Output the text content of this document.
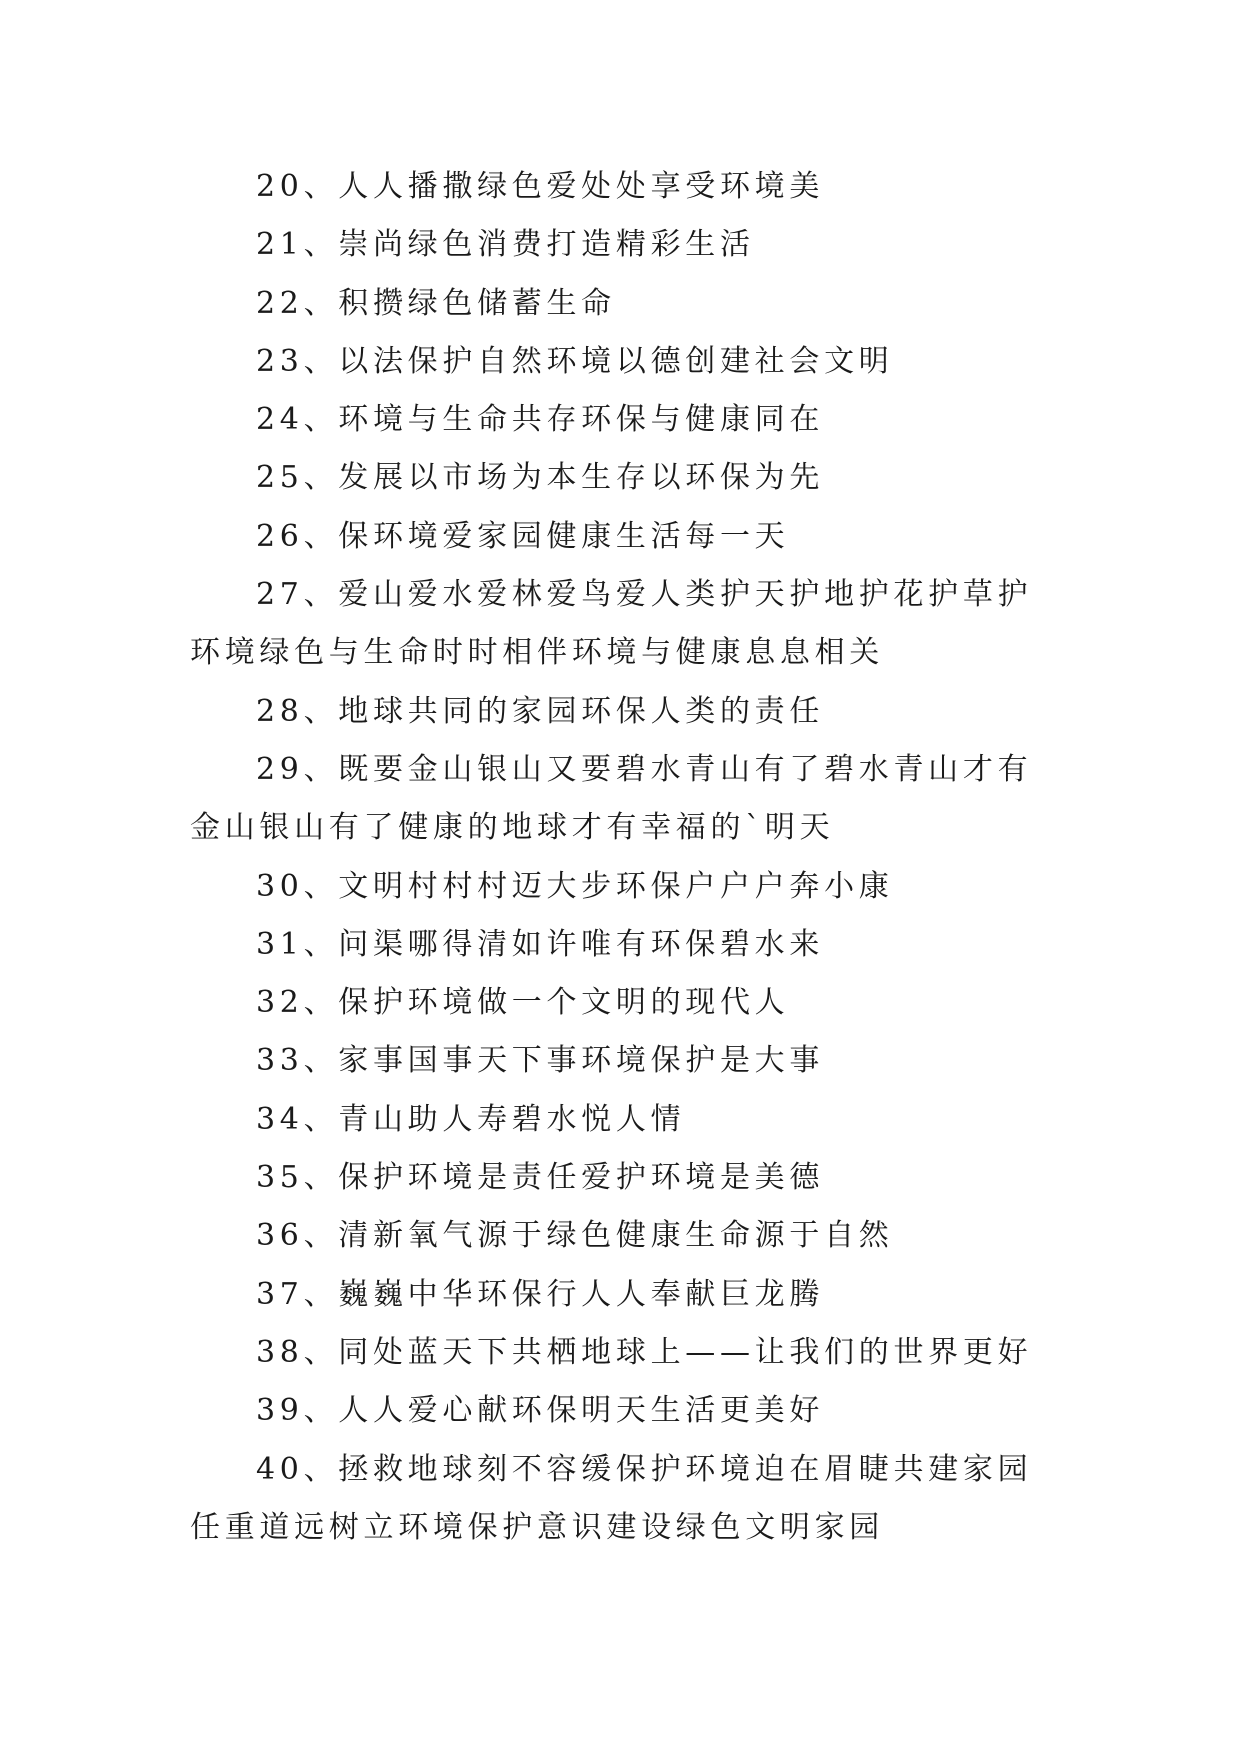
20、人人播撒绿色爱处处享受环境美

21、崇尚绿色消费打造精彩生活

22、积攒绿色储蓄生命

23、以法保护自然环境以德创建社会文明

24、环境与生命共存环保与健康同在

25、发展以市场为本生存以环保为先

26、保环境爱家园健康生活每一天

27、爱山爱水爱林爱鸟爱人类护天护地护花护草护环境绿色与生命时时相伴环境与健康息息相关

28、地球共同的家园环保人类的责任

29、既要金山银山又要碧水青山有了碧水青山才有金山银山有了健康的地球才有幸福的`明天

30、文明村村村迈大步环保户户户奔小康

31、问渠哪得清如许唯有环保碧水来

32、保护环境做一个文明的现代人

33、家事国事天下事环境保护是大事

34、青山助人寿碧水悦人情

35、保护环境是责任爱护环境是美德

36、清新氧气源于绿色健康生命源于自然

37、巍巍中华环保行人人奉献巨龙腾

38、同处蓝天下共栖地球上——让我们的世界更好

39、人人爱心献环保明天生活更美好

40、拯救地球刻不容缓保护环境迫在眉睫共建家园任重道远树立环境保护意识建设绿色文明家园
